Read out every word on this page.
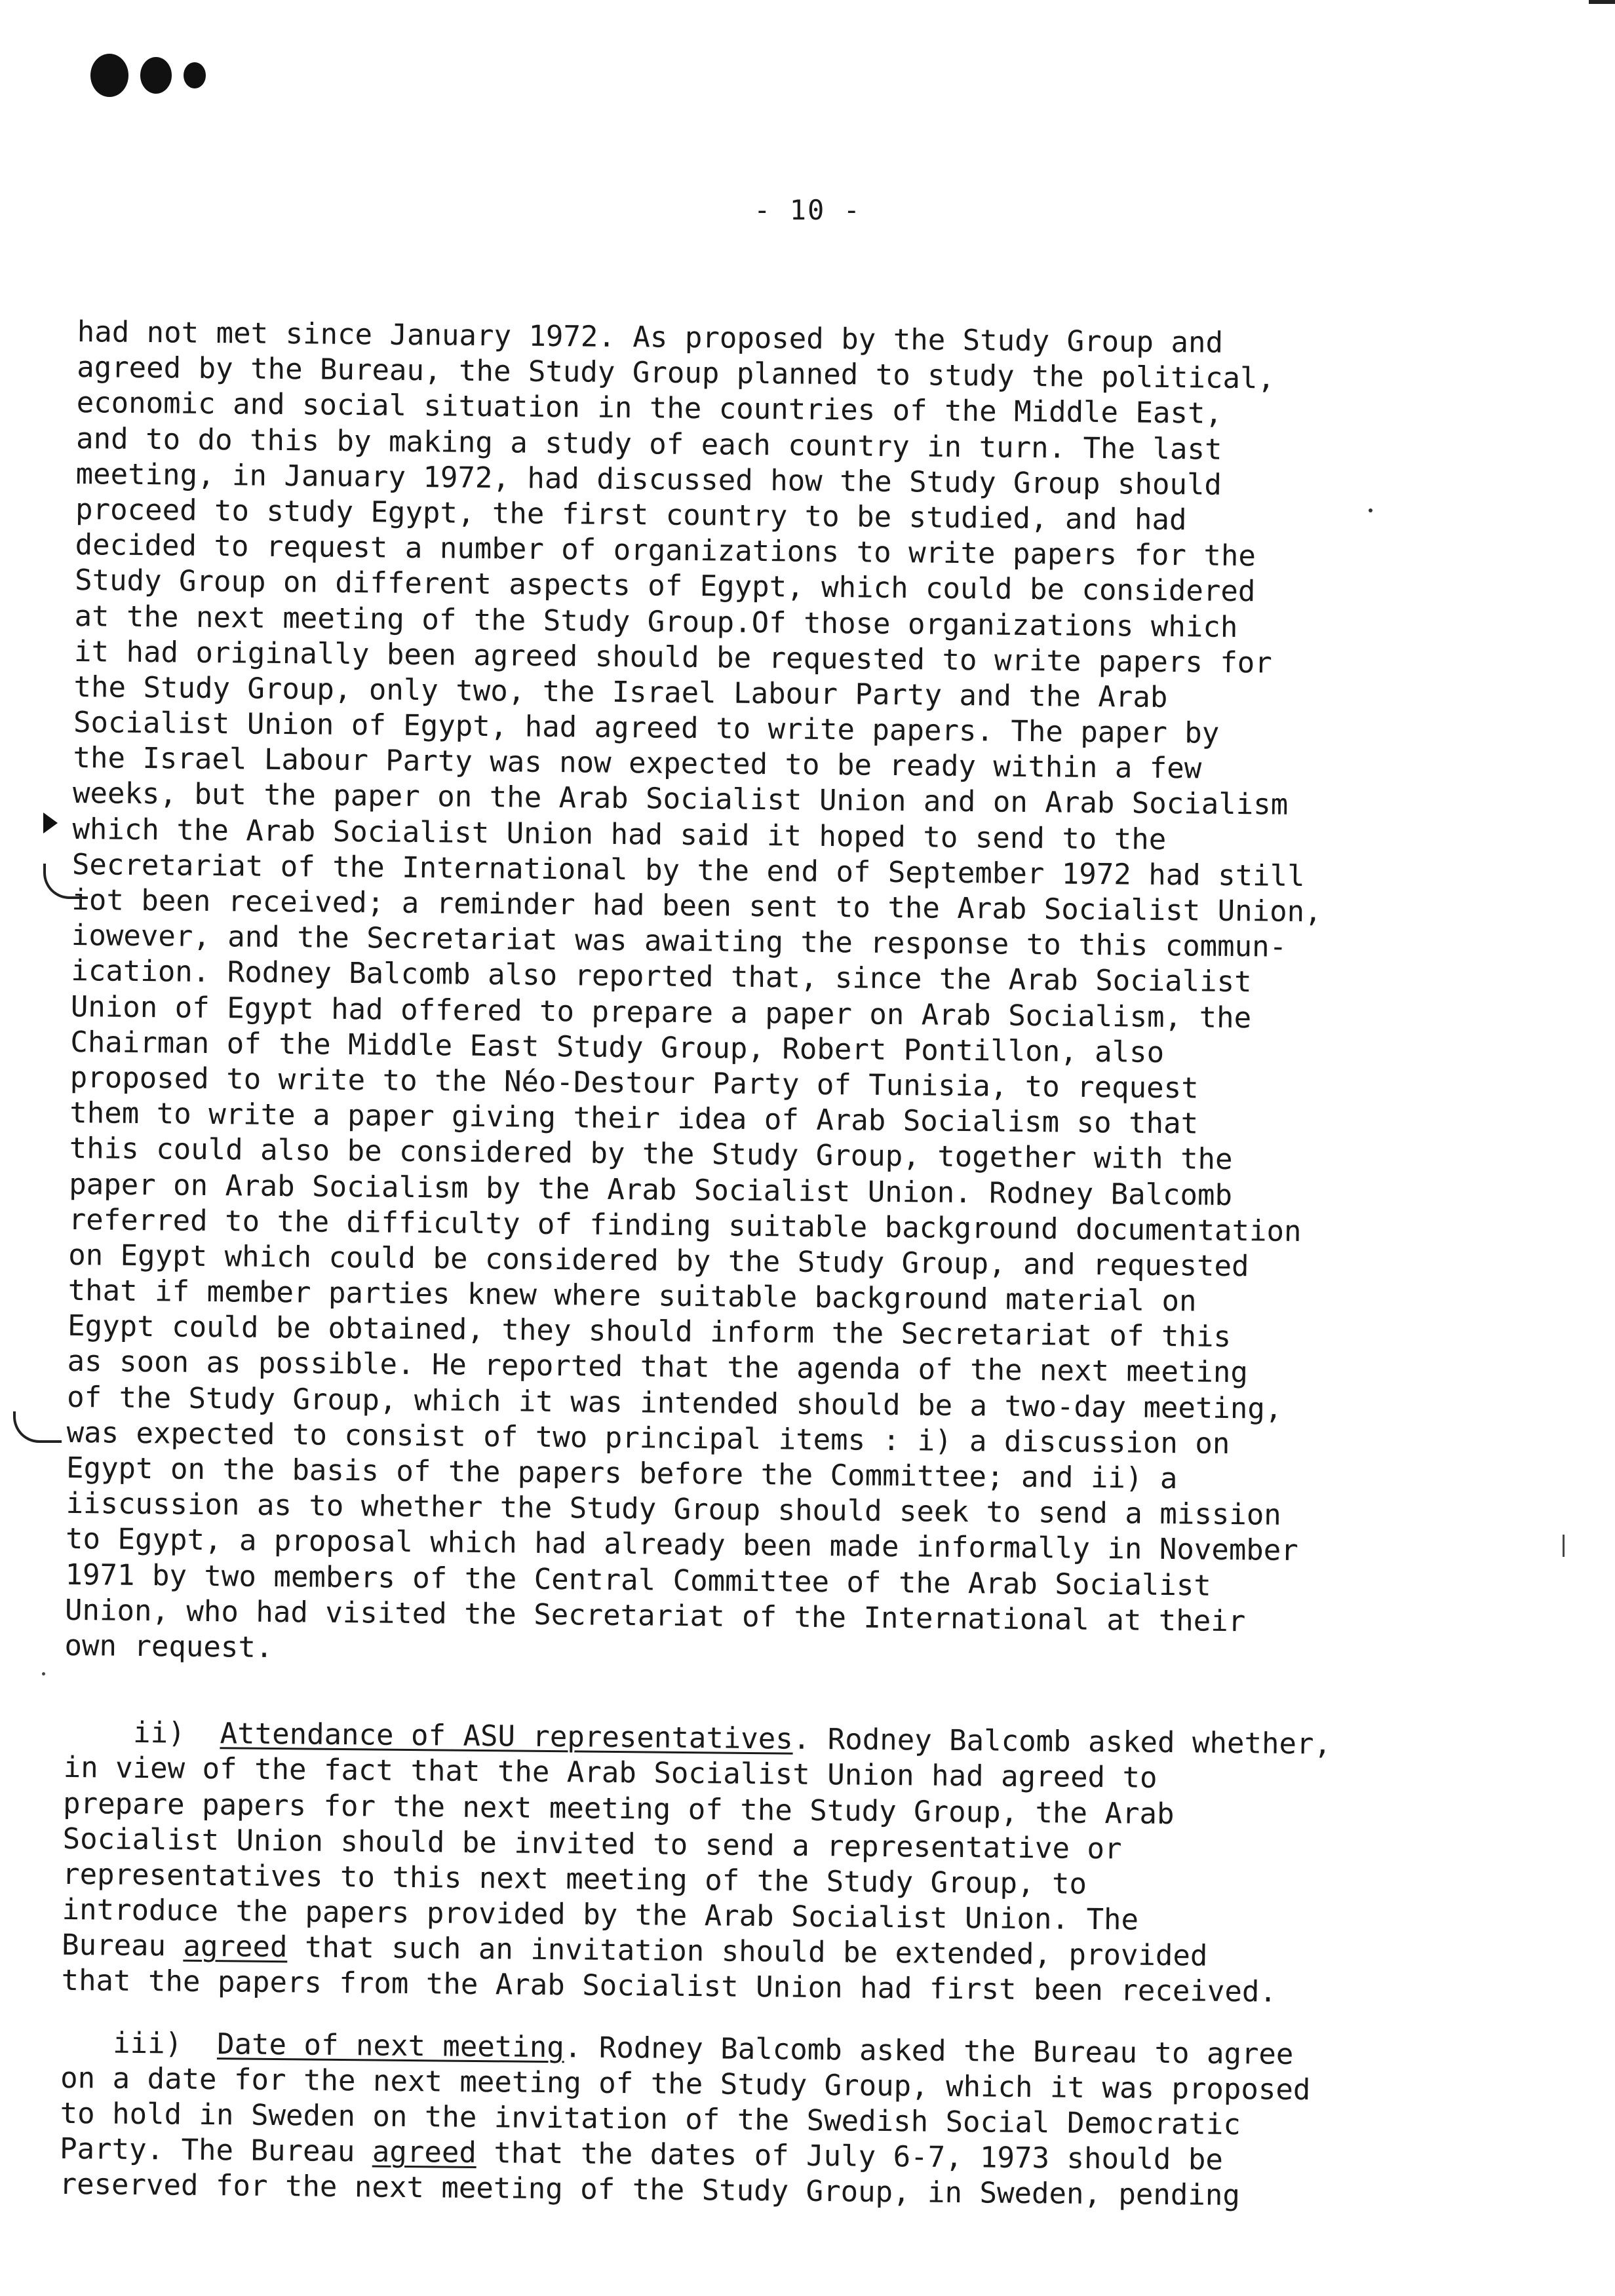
- 10 -

had not met since January 1972. As proposed by the Study Group and
agreed by the Bureau, the Study Group planned to study the political,
economic and social situation in the countries of the Middle East,
and to do this by making a study of each country in turn. The last
meeting, in January 1972, had discussed how the Study Group should
proceed to study Egypt, the first country to be studied, and had
decided to request a number of organizations to write papers for the
Study Group on different aspects of Egypt, which could be considered
at the next meeting of the Study Group.Of those organizations which
it had originally been agreed should be requested to write papers for
the Study Group, only two, the Israel Labour Party and the Arab
Socialist Union of Egypt, had agreed to write papers. The paper by
the Israel Labour Party was now expected to be ready within a few
weeks, but the paper on the Arab Socialist Union and on Arab Socialism
which the Arab Socialist Union had said it hoped to send to the
Secretariat of the International by the end of September 1972 had still
iot been received; a reminder had been sent to the Arab Socialist Union,
iowever, and the Secretariat was awaiting the response to this commun-
ication. Rodney Balcomb also reported that, since the Arab Socialist
Union of Egypt had offered to prepare a paper on Arab Socialism, the
Chairman of the Middle East Study Group, Robert Pontillon, also
proposed to write to the Néo-Destour Party of Tunisia, to request
them to write a paper giving their idea of Arab Socialism so that
this could also be considered by the Study Group, together with the
paper on Arab Socialism by the Arab Socialist Union. Rodney Balcomb
referred to the difficulty of finding suitable background documentation
on Egypt which could be considered by the Study Group, and requested
that if member parties knew where suitable background material on
Egypt could be obtained, they should inform the Secretariat of this
as soon as possible. He reported that the agenda of the next meeting
of the Study Group, which it was intended should be a two-day meeting,
was expected to consist of two principal items : i) a discussion on
Egypt on the basis of the papers before the Committee; and ii) a
iiscussion as to whether the Study Group should seek to send a mission
to Egypt, a proposal which had already been made informally in November
1971 by two members of the Central Committee of the Arab Socialist
Union, who had visited the Secretariat of the International at their
own request.

ii)  Attendance of ASU representatives. Rodney Balcomb asked whether,
in view of the fact that the Arab Socialist Union had agreed to
prepare papers for the next meeting of the Study Group, the Arab
Socialist Union should be invited to send a representative or
representatives to this next meeting of the Study Group, to
introduce the papers provided by the Arab Socialist Union. The
Bureau agreed that such an invitation should be extended, provided
that the papers from the Arab Socialist Union had first been received.

iii)  Date of next meeting. Rodney Balcomb asked the Bureau to agree
on a date for the next meeting of the Study Group, which it was proposed
to hold in Sweden on the invitation of the Swedish Social Democratic
Party. The Bureau agreed that the dates of July 6-7, 1973 should be
reserved for the next meeting of the Study Group, in Sweden, pending
